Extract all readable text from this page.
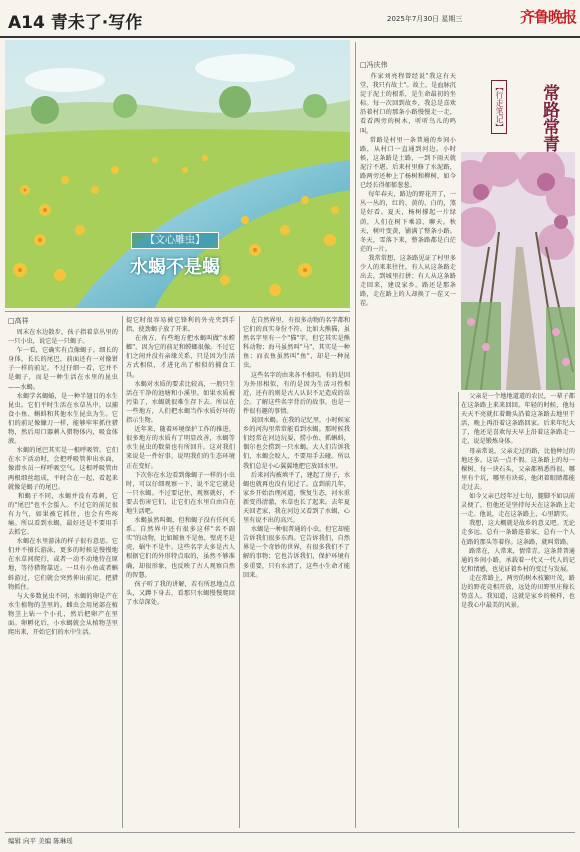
A14 青未了·写作	2025年7月30日 星期三	齐鲁晚报
【文心雕虫】
水蝎不是蝎
□高祥
周末在水边散步，孩子指着草丛里的一只小虫，说它是一只蝎子。
乍一看，它确实有点像蝎子。细长的身体，长长的尾巴，前面还有一对像钳子一样的前足。不过仔细一看，它并不是蝎子，而是一种生活在水里的昆虫——水蝎。
水蝎学名蝎蝽，是一种半翅目的水生昆虫。它们平时生活在水草丛中，以捕食小鱼、蝌蚪和其他水生昆虫为生。它们的前足像镰刀一样，能够牢牢抓住猎物，然后用口器刺入猎物体内，吸食体液。
水蝎的尾巴其实是一根呼吸管。它们在水下活动时，会把呼吸管伸出水面，像潜水员一样呼吸空气。这根呼吸管由两根细丝组成，平时合在一起，看起来就像是蝎子的尾巴。
和蝎子不同，水蝎并没有毒刺，它的"尾巴"也不会蜇人。不过它的前足很有力气，如果被它抓住，也会有些疼痛。所以看到水蝎，最好还是不要用手去抓它。
水蝎在水里游泳的样子很有意思。它们并不擅长游泳，更多的时候是慢慢地在水草间爬行，或者一动不动地待在原地，等待猎物靠近。一旦有小鱼或者蝌蚪游过，它们就会突然伸出前足，把猎物抓住。
与大多数昆虫不同，水蝎的卵是产在水生植物的茎里的。雌虫会用尾部在植物茎上钻一个小孔，然后把卵产在里面。卵孵化后，小水蝎就会从植物茎里爬出来，开始它们的水中生活。
提它时很容易被它锋利的外壳夹到手指，使劲蝎子放了开来。
在南方，有些地方把水蝎叫做"水螳螂"，因为它的前足和螳螂很像。不过它们之间并没有亲缘关系，只是因为生活方式相似，才进化出了相似的捕食工具。
水蝎对水质的要求比较高，一般只生活在干净的池塘和小溪里。如果水质被污染了，水蝎就很难生存下去。所以在一些地方，人们把水蝎当作水质好坏的指示生物。
近年来，随着环境保护工作的推进，很多地方的水质有了明显改善，水蝎等水生昆虫的数量也有所回升。这对我们来说是一件好事，说明我们的生态环境正在变好。
下次你在水边看到像蝎子一样的小虫时，可以仔细观察一下，说不定它就是一只水蝎。不过要记住，观察就好，不要去伤害它们，让它们在水里自由自在地生活吧。
水蝎虽然叫蝎，但和蝎子没有任何关系。自然界中还有很多这样"名不副实"的动物，比如鲸鱼不是鱼，壁虎不是虎，蜗牛不是牛。这些名字大多是古人根据它们的外形特点取的，虽然不够准确，却很形象，也反映了古人观察自然的智慧。
孩子听了我的讲解，若有所思地点点头，又蹲下身去，看那只水蝎慢慢爬回了水草深处。
在自然界里，有很多动物的名字都和它们的真实身份不符。比如大熊猫，虽然名字里有一个"猫"字，但它其实是熊科动物；海马虽然叫"马"，其实是一种鱼；而衣鱼虽然叫"鱼"，却是一种昆虫。
这些名字的由来各不相同。有的是因为外形相似，有的是因为生活习性相近，还有的则是古人认识不足造成的误会。了解这些名字背后的故事，也是一件很有趣的事情。
说回水蝎。在我的记忆里，小时候家乡的河沟里常常能看到水蝎。那时候我们经常在河边玩耍，捞小鱼、抓蝌蚪，偶尔也会捞到一只水蝎。大人们告诉我们，水蝎会咬人，不要用手去碰。所以我们总是小心翼翼地把它放回水里。
后来河沟被填平了，建起了房子，水蝎也就再也没有见过了。直到前几年，家乡开始治理河道，恢复生态，河水重新变得清澈，水草也长了起来。去年夏天回老家，我在河边又看到了水蝎，心里有说不出的高兴。
水蝎是一种很普通的小虫，但它却能告诉我们很多东西。它告诉我们，自然界是一个奇妙的世界，有很多我们不了解的事物；它也告诉我们，保护环境有多重要，只有水清了，这些小生命才能回来。
□冯庆伟
作家刘亮程曾经说"我这有天堂，我只有故土"。故土，是血脉沉淀于泥土的根系，是生命最初的坐标。每一次回到故乡，我总是喜欢沿着村口的那条小路慢慢走一走，看看两旁的树木，听听鸟儿的鸣叫。
常路是村里一条普通的乡间小路，从村口一直通到河边。小时候，这条路是土路，一到下雨天就泥泞不堪。后来村里修了水泥路，路两旁还种上了杨树和柳树，如今已经长得郁郁葱葱。
每年春天，路边的野花开了，一丛一丛的，红的、黄的、白的，煞是好看。夏天，杨树撑起一片绿荫，人们在树下乘凉、聊天。秋天，树叶变黄，铺满了整条小路。冬天，雪落下来，整条路都是白茫茫的一片。
我常常想，这条路见证了村里多少人的来来往往。有人从这条路走出去，到城里打拼；有人从这条路走回来，建设家乡。路还是那条路，走在路上的人却换了一茬又一茬。
【行走笔记】 常路常青
父亲是一个地地道道的农民，一辈子都在这条路上来来回回。年轻的时候，他每天天不亮就扛着锄头沿着这条路去地里干活，晚上再沿着这条路回家。后来年纪大了，他还是喜欢每天早上沿着这条路走一走，说是锻炼身体。
母亲常说，父亲走过的路，比他种过的地还多。这话一点不假。这条路上的每一棵树、每一块石头，父亲都熟悉得很。哪里有个坑，哪里有块砖，他闭着眼睛都能走过去。
如今父亲已经年过七旬，腿脚不如以前灵便了，但他还是坚持每天在这条路上走一走。他说，走在这条路上，心里踏实。
我想，这大概就是故乡的意义吧。无论走多远，总有一条路连着家，总有一个人在路的那头等着你。这条路，就叫常路。
路常在，人常来，情常青。这条普普通通的乡间小路，承载着一代又一代人的记忆和情感，也见证着乡村的变迁与发展。
走在常路上，两旁的树木枝繁叶茂，路边的野花竞相开放，远处的田野里庄稼长势喜人。我知道，这就是家乡的模样，也是我心中最美的风景。
编辑 向平 美编 陈琳瑶
